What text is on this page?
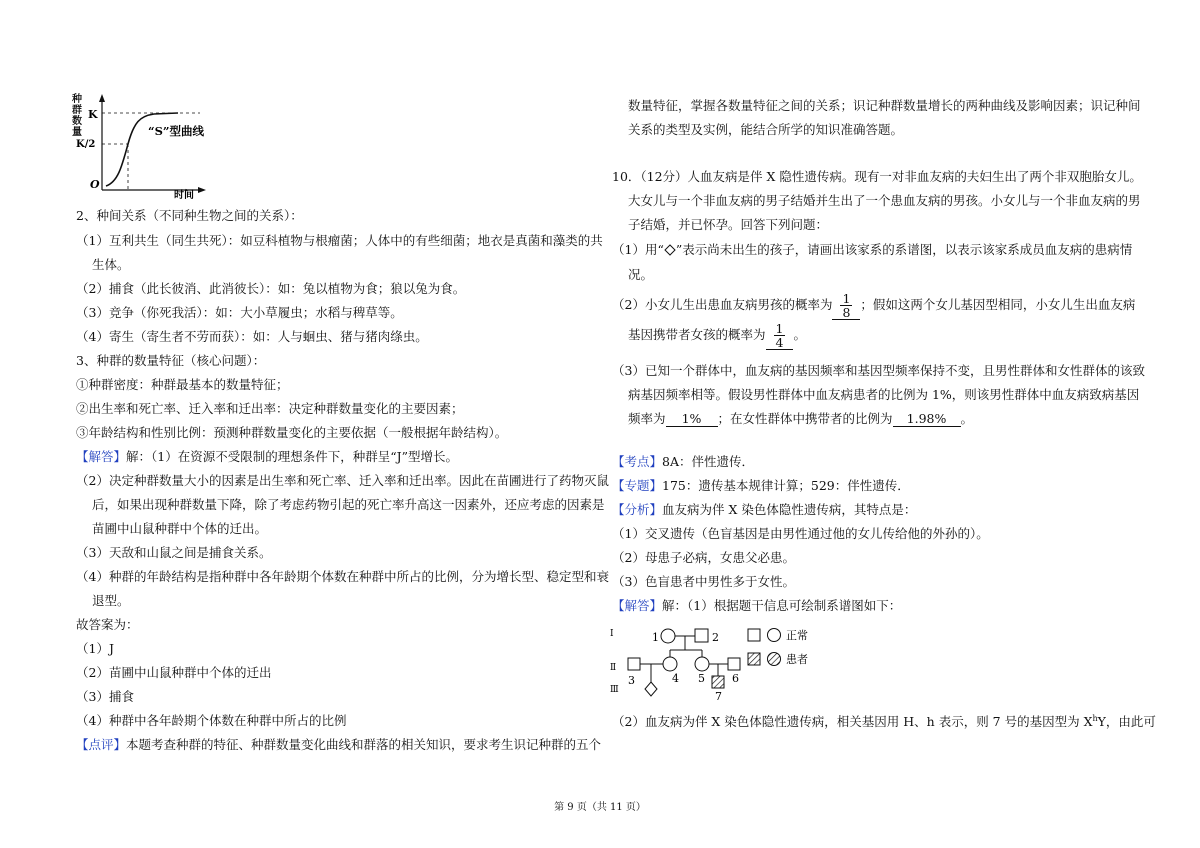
种
群
数
量
K
K/2
O
“S”型曲线
时间
2、种间关系（不同种生物之间的关系）：
（1）互利共生（同生共死）：如豆科植物与根瘤菌；人体中的有些细菌；地衣是真菌和藻类的共
生体。
（2）捕食（此长彼消、此消彼长）：如：兔以植物为食；狼以兔为食。
（3）竞争（你死我活）：如：大小草履虫；水稻与稗草等。
（4）寄生（寄生者不劳而获）：如：人与蛔虫、猪与猪肉绦虫。
3、种群的数量特征（核心问题）：
①种群密度：种群最基本的数量特征；
②出生率和死亡率、迁入率和迁出率：决定种群数量变化的主要因素；
③年龄结构和性别比例：预测种群数量变化的主要依据（一般根据年龄结构）。
【解答】解：（1）在资源不受限制的理想条件下，种群呈“J”型增长。
（2）决定种群数量大小的因素是出生率和死亡率、迁入率和迁出率。因此在苗圃进行了药物灭鼠
后，如果出现种群数量下降，除了考虑药物引起的死亡率升高这一因素外，还应考虑的因素是
苗圃中山鼠种群中个体的迁出。
（3）天敌和山鼠之间是捕食关系。
（4）种群的年龄结构是指种群中各年龄期个体数在种群中所占的比例，分为增长型、稳定型和衰
退型。
故答案为：
（1）J
（2）苗圃中山鼠种群中个体的迁出
（3）捕食
（4）种群中各年龄期个体数在种群中所占的比例
【点评】本题考查种群的特征、种群数量变化曲线和群落的相关知识，要求考生识记种群的五个
数量特征，掌握各数量特征之间的关系；识记种群数量增长的两种曲线及影响因素；识记种间
关系的类型及实例，能结合所学的知识准确答题。
10．（12分）人血友病是伴 X 隐性遗传病。现有一对非血友病的夫妇生出了两个非双胞胎女儿。
大女儿与一个非血友病的男子结婚并生出了一个患血友病的男孩。小女儿与一个非血友病的男
子结婚，并已怀孕。回答下列问题：
（1）用“ ”表示尚未出生的孩子，请画出该家系的系谱图，以表示该家系成员血友病的患病情
况。
（2）小女儿生出患血友病男孩的概率为 $\frac{1}{8}$ ；假如这两个女儿基因型相同，小女儿生出血友病
基因携带者女孩的概率为 $\frac{1}{4}$ 。
（3）已知一个群体中，血友病的基因频率和基因型频率保持不变，且男性群体和女性群体的该致
病基因频率相等。假设男性群体中血友病患者的比例为 1%，则该男性群体中血友病致病基因
频率为 1% ；在女性群体中携带者的比例为 1.98% 。
【考点】8A：伴性遗传．
【专题】175：遗传基本规律计算；529：伴性遗传．
【分析】血友病为伴 X 染色体隐性遗传病，其特点是：
（1）交叉遗传（色盲基因是由男性通过他的女儿传给他的外孙的）。
（2）母患子必病，女患父必患。
（3）色盲患者中男性多于女性。
【解答】解：（1）根据题干信息可绘制系谱图如下：
Ⅰ
Ⅱ
Ⅲ
1	2
3	4 5 6
7
正常
患者
（2）血友病为伴 X 染色体隐性遗传病，相关基因用 H、h 表示，则 7 号的基因型为 $X^hY$，由此可
第 9 页（共 11 页）
